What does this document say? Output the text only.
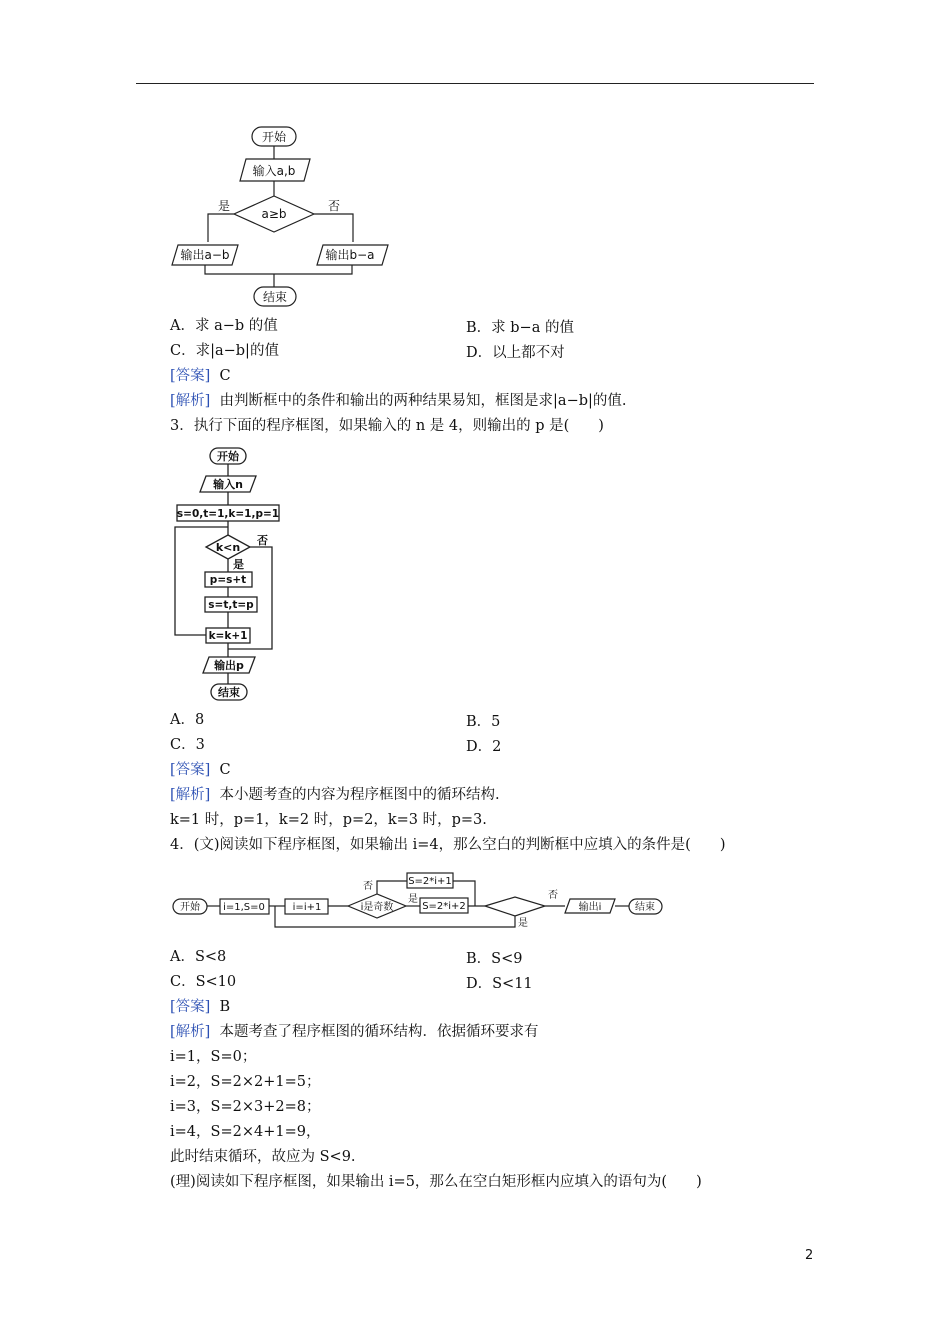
开始
输入a,b
a≥b
是	否
输出a−b	输出b−a
结束
A．求 a−b 的值	B．求 b−a 的值
C．求|a−b|的值	D．以上都不对
[答案] C
[解析] 由判断框中的条件和输出的两种结果易知，框图是求|a−b|的值.
3．执行下面的程序框图，如果输入的 n 是 4，则输出的 p 是(　　)
开始
输入n
s=0,t=1,k=1,p=1
k<n
否
是
p=s+t
s=t,t=p
k=k+1
输出p
结束
A．8	B．5
C．3	D．2
[答案] C
[解析] 本小题考查的内容为程序框图中的循环结构.
k=1 时，p=1，k=2 时，p=2，k=3 时，p=3.
4．(文)阅读如下程序框图，如果输出 i=4，那么空白的判断框中应填入的条件是(　　)
开始 i=1,S=0	i=i+1	i是奇数
否	S=2*i+1
是
S=2*i+2
否
是
输出i	结束
A．S<8	B．S<9
C．S<10	D．S<11
[答案] B
[解析] 本题考查了程序框图的循环结构．依据循环要求有
i=1，S=0；
i=2，S=2×2+1=5；
i=3，S=2×3+2=8；
i=4，S=2×4+1=9，
此时结束循环，故应为 S<9.
(理)阅读如下程序框图，如果输出 i=5，那么在空白矩形框内应填入的语句为(　　)
2
